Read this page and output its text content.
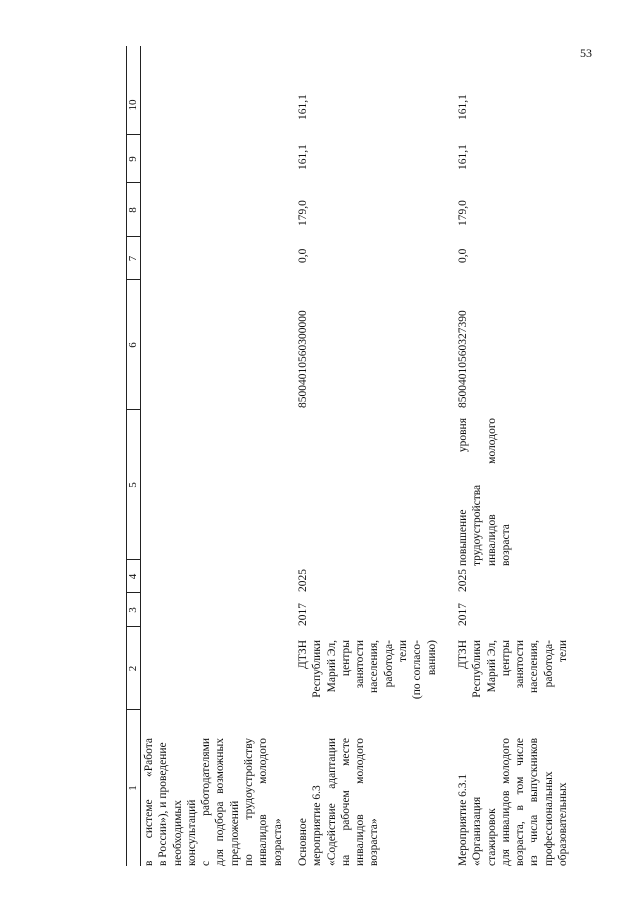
53
1
2
3
4
5
6
7
8
9
10
в системе «Работа в России»), и проведение необходимых консультаций с работодателями для подбора возможных предложений по трудоустройству инвалидов молодого возраста» Основное мероприятие 6.3 «Содействие адаптации на рабочем месте инвалидов молодого возраста»
ДТЗН Республики Марий Эл, центры занятости населения, работода- тели (по согласо- ванию)
2017
2025
85004010560300000
0,0
179,0
161,1
161,1
Мероприятие 6.3.1 «Организация стажировок для инвалидов молодого возраста, в том числе из числа выпускников профессиональных образовательных
ДТЗН Республики Марий Эл, центры занятости населения, работода- тели
2017
2025
повышение уровня трудоустройства инвалидов молодого возраста
85004010560327390
0,0
179,0
161,1
161,1
